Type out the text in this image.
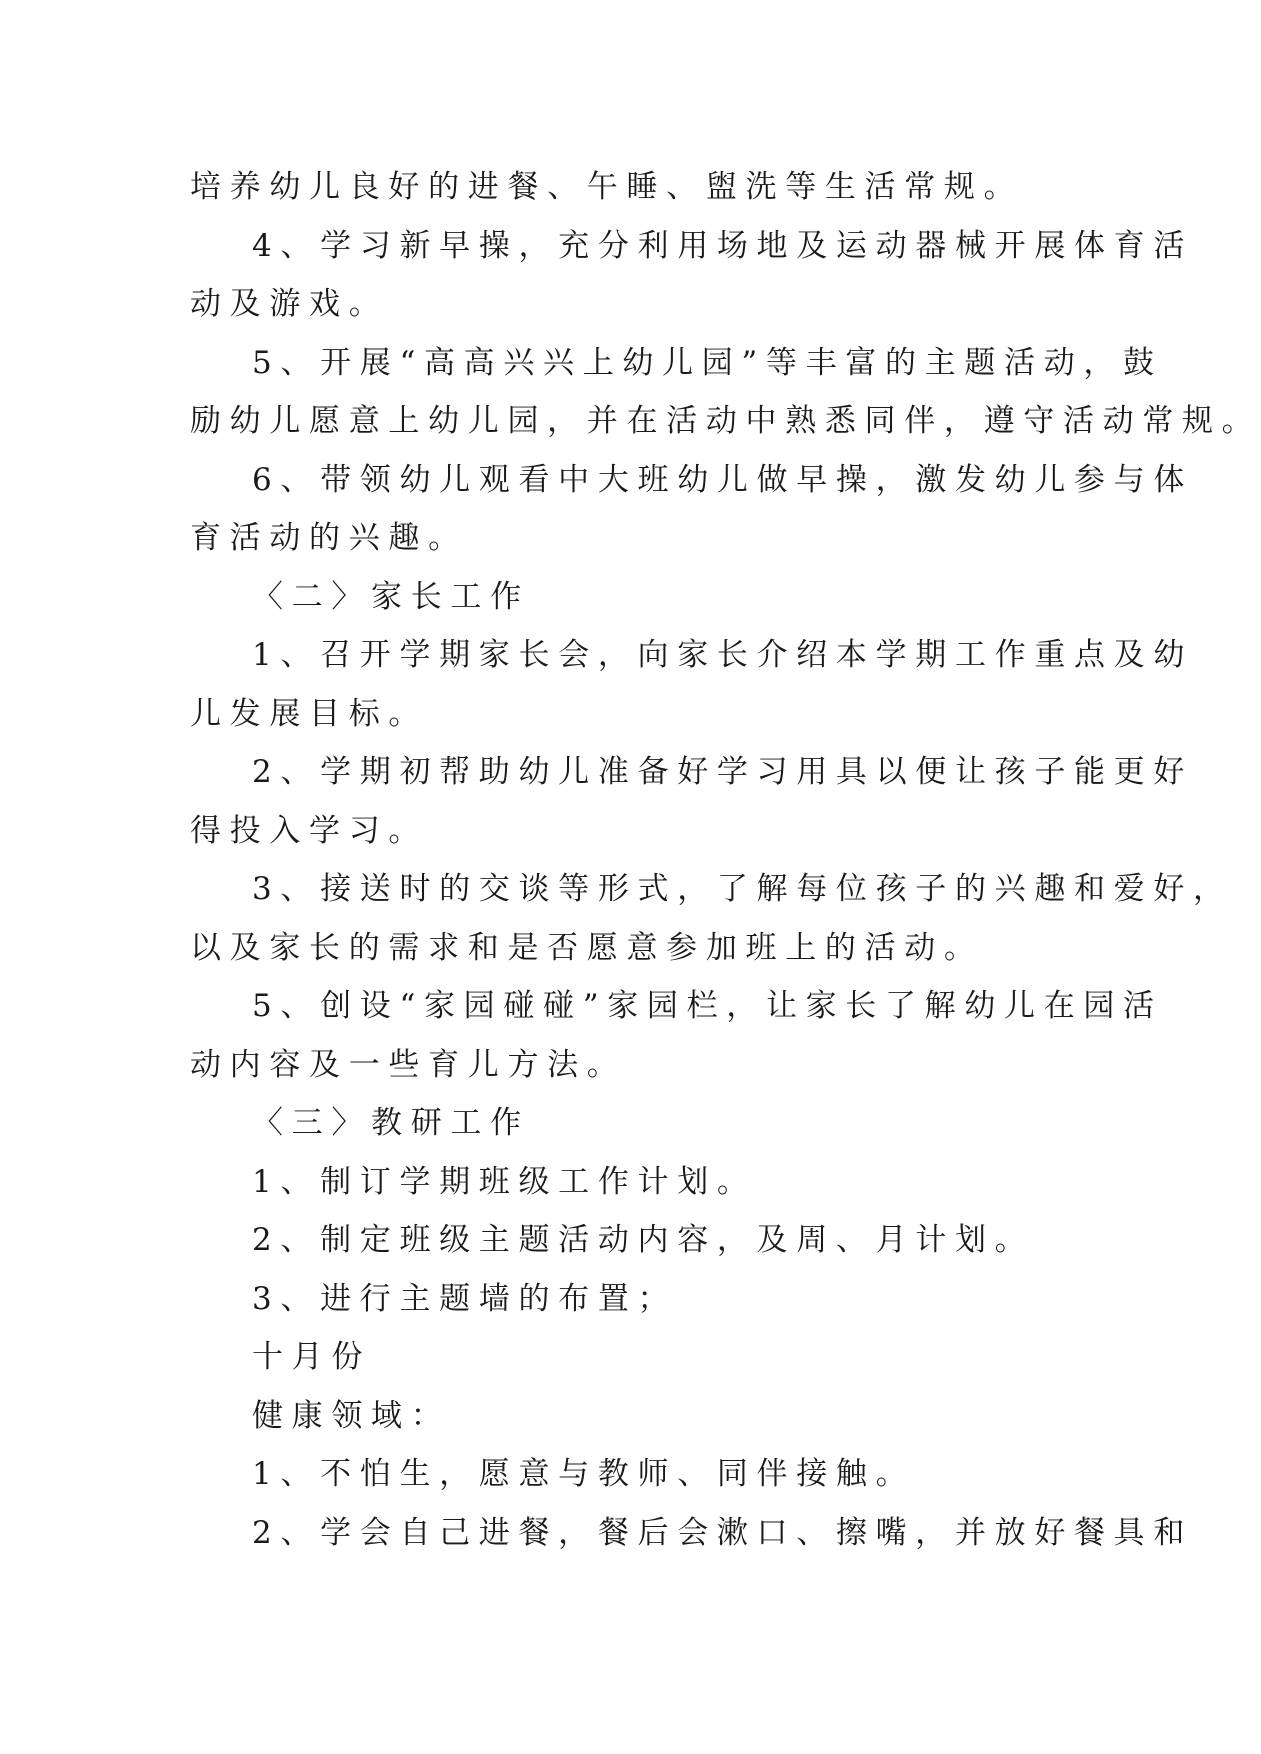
培养幼儿良好的进餐、午睡、盥洗等生活常规。
4、学习新早操，充分利用场地及运动器械开展体育活
动及游戏。
5、开展“高高兴兴上幼儿园”等丰富的主题活动，鼓
励幼儿愿意上幼儿园，并在活动中熟悉同伴，遵守活动常规。
6、带领幼儿观看中大班幼儿做早操，激发幼儿参与体
育活动的兴趣。
〈二〉家长工作
1、召开学期家长会，向家长介绍本学期工作重点及幼
儿发展目标。
2、学期初帮助幼儿准备好学习用具以便让孩子能更好
得投入学习。
3、接送时的交谈等形式，了解每位孩子的兴趣和爱好，
以及家长的需求和是否愿意参加班上的活动。
5、创设“家园碰碰”家园栏，让家长了解幼儿在园活
动内容及一些育儿方法。
〈三〉教研工作
1、制订学期班级工作计划。
2、制定班级主题活动内容，及周、月计划。
3、进行主题墙的布置；
十月份
健康领域：
1、不怕生，愿意与教师、同伴接触。
2、学会自己进餐，餐后会漱口、擦嘴，并放好餐具和
